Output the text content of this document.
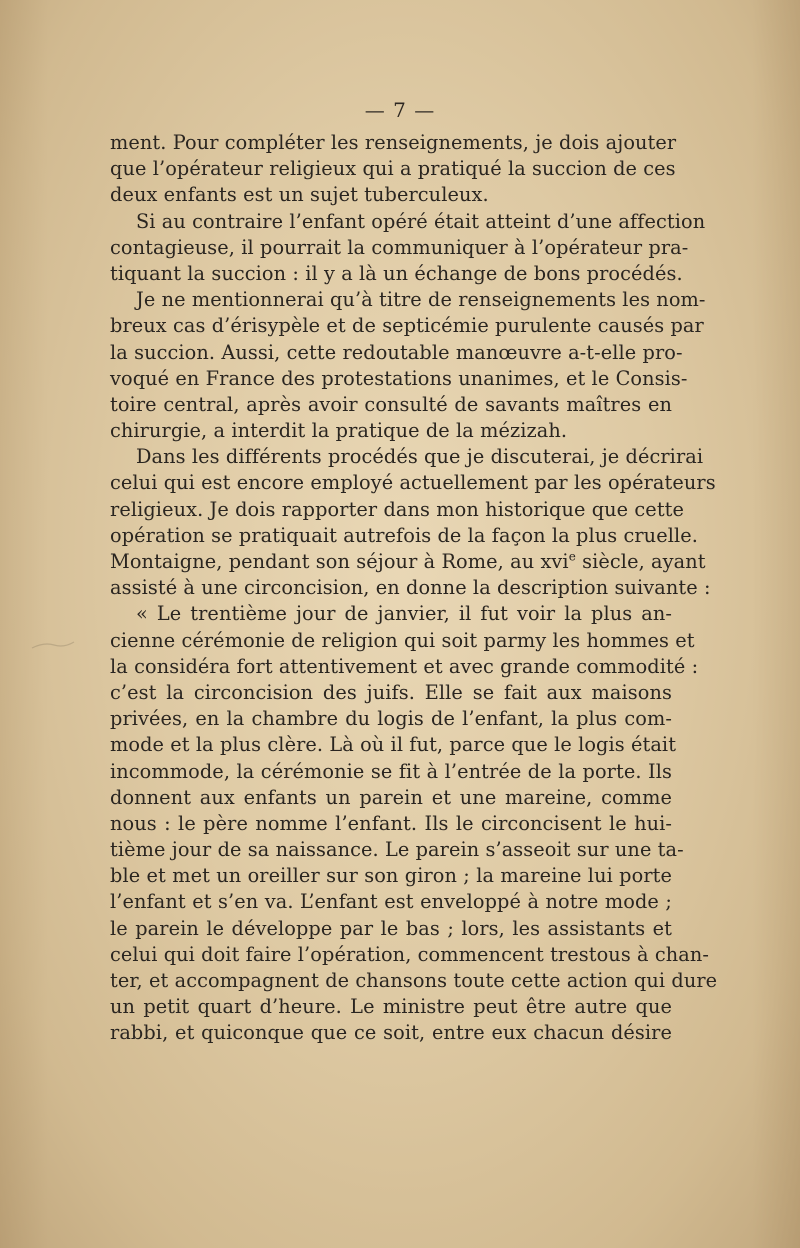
— 7 —
ment. Pour compléter les renseignements, je dois ajouter
que l’opérateur religieux qui a pratiqué la succion de ces
deux enfants est un sujet tuberculeux.
Si au contraire l’enfant opéré était atteint d’une affection
contagieuse, il pourrait la communiquer à l’opérateur pra-
tiquant la succion : il y a là un échange de bons procédés.
Je ne mentionnerai qu’à titre de renseignements les nom-
breux cas d’érisypèle et de septicémie purulente causés par
la succion. Aussi, cette redoutable manœuvre a-t-elle pro-
voqué en France des protestations unanimes, et le Consis-
toire central, après avoir consulté de savants maîtres en
chirurgie, a interdit la pratique de la mézizah.
Dans les différents procédés que je discuterai, je décrirai
celui qui est encore employé actuellement par les opérateurs
religieux. Je dois rapporter dans mon historique que cette
opération se pratiquait autrefois de la façon la plus cruelle.
Montaigne, pendant son séjour à Rome, au xvi$^e$ siècle, ayant
assisté à une circoncision, en donne la description suivante :
« Le trentième jour de janvier, il fut voir la plus an-
cienne cérémonie de religion qui soit parmy les hommes et
la considéra fort attentivement et avec grande commodité :
c’est la circoncision des juifs. Elle se fait aux maisons
privées, en la chambre du logis de l’enfant, la plus com-
mode et la plus clère. Là où il fut, parce que le logis était
incommode, la cérémonie se fit à l’entrée de la porte. Ils
donnent aux enfants un parein et une mareine, comme
nous : le père nomme l’enfant. Ils le circoncisent le hui-
tième jour de sa naissance. Le parein s’asseoit sur une ta-
ble et met un oreiller sur son giron ; la mareine lui porte
l’enfant et s’en va. L’enfant est enveloppé à notre mode ;
le parein le développe par le bas ; lors, les assistants et
celui qui doit faire l’opération, commencent trestous à chan-
ter, et accompagnent de chansons toute cette action qui dure
un petit quart d’heure. Le ministre peut être autre que
rabbi, et quiconque que ce soit, entre eux chacun désire
